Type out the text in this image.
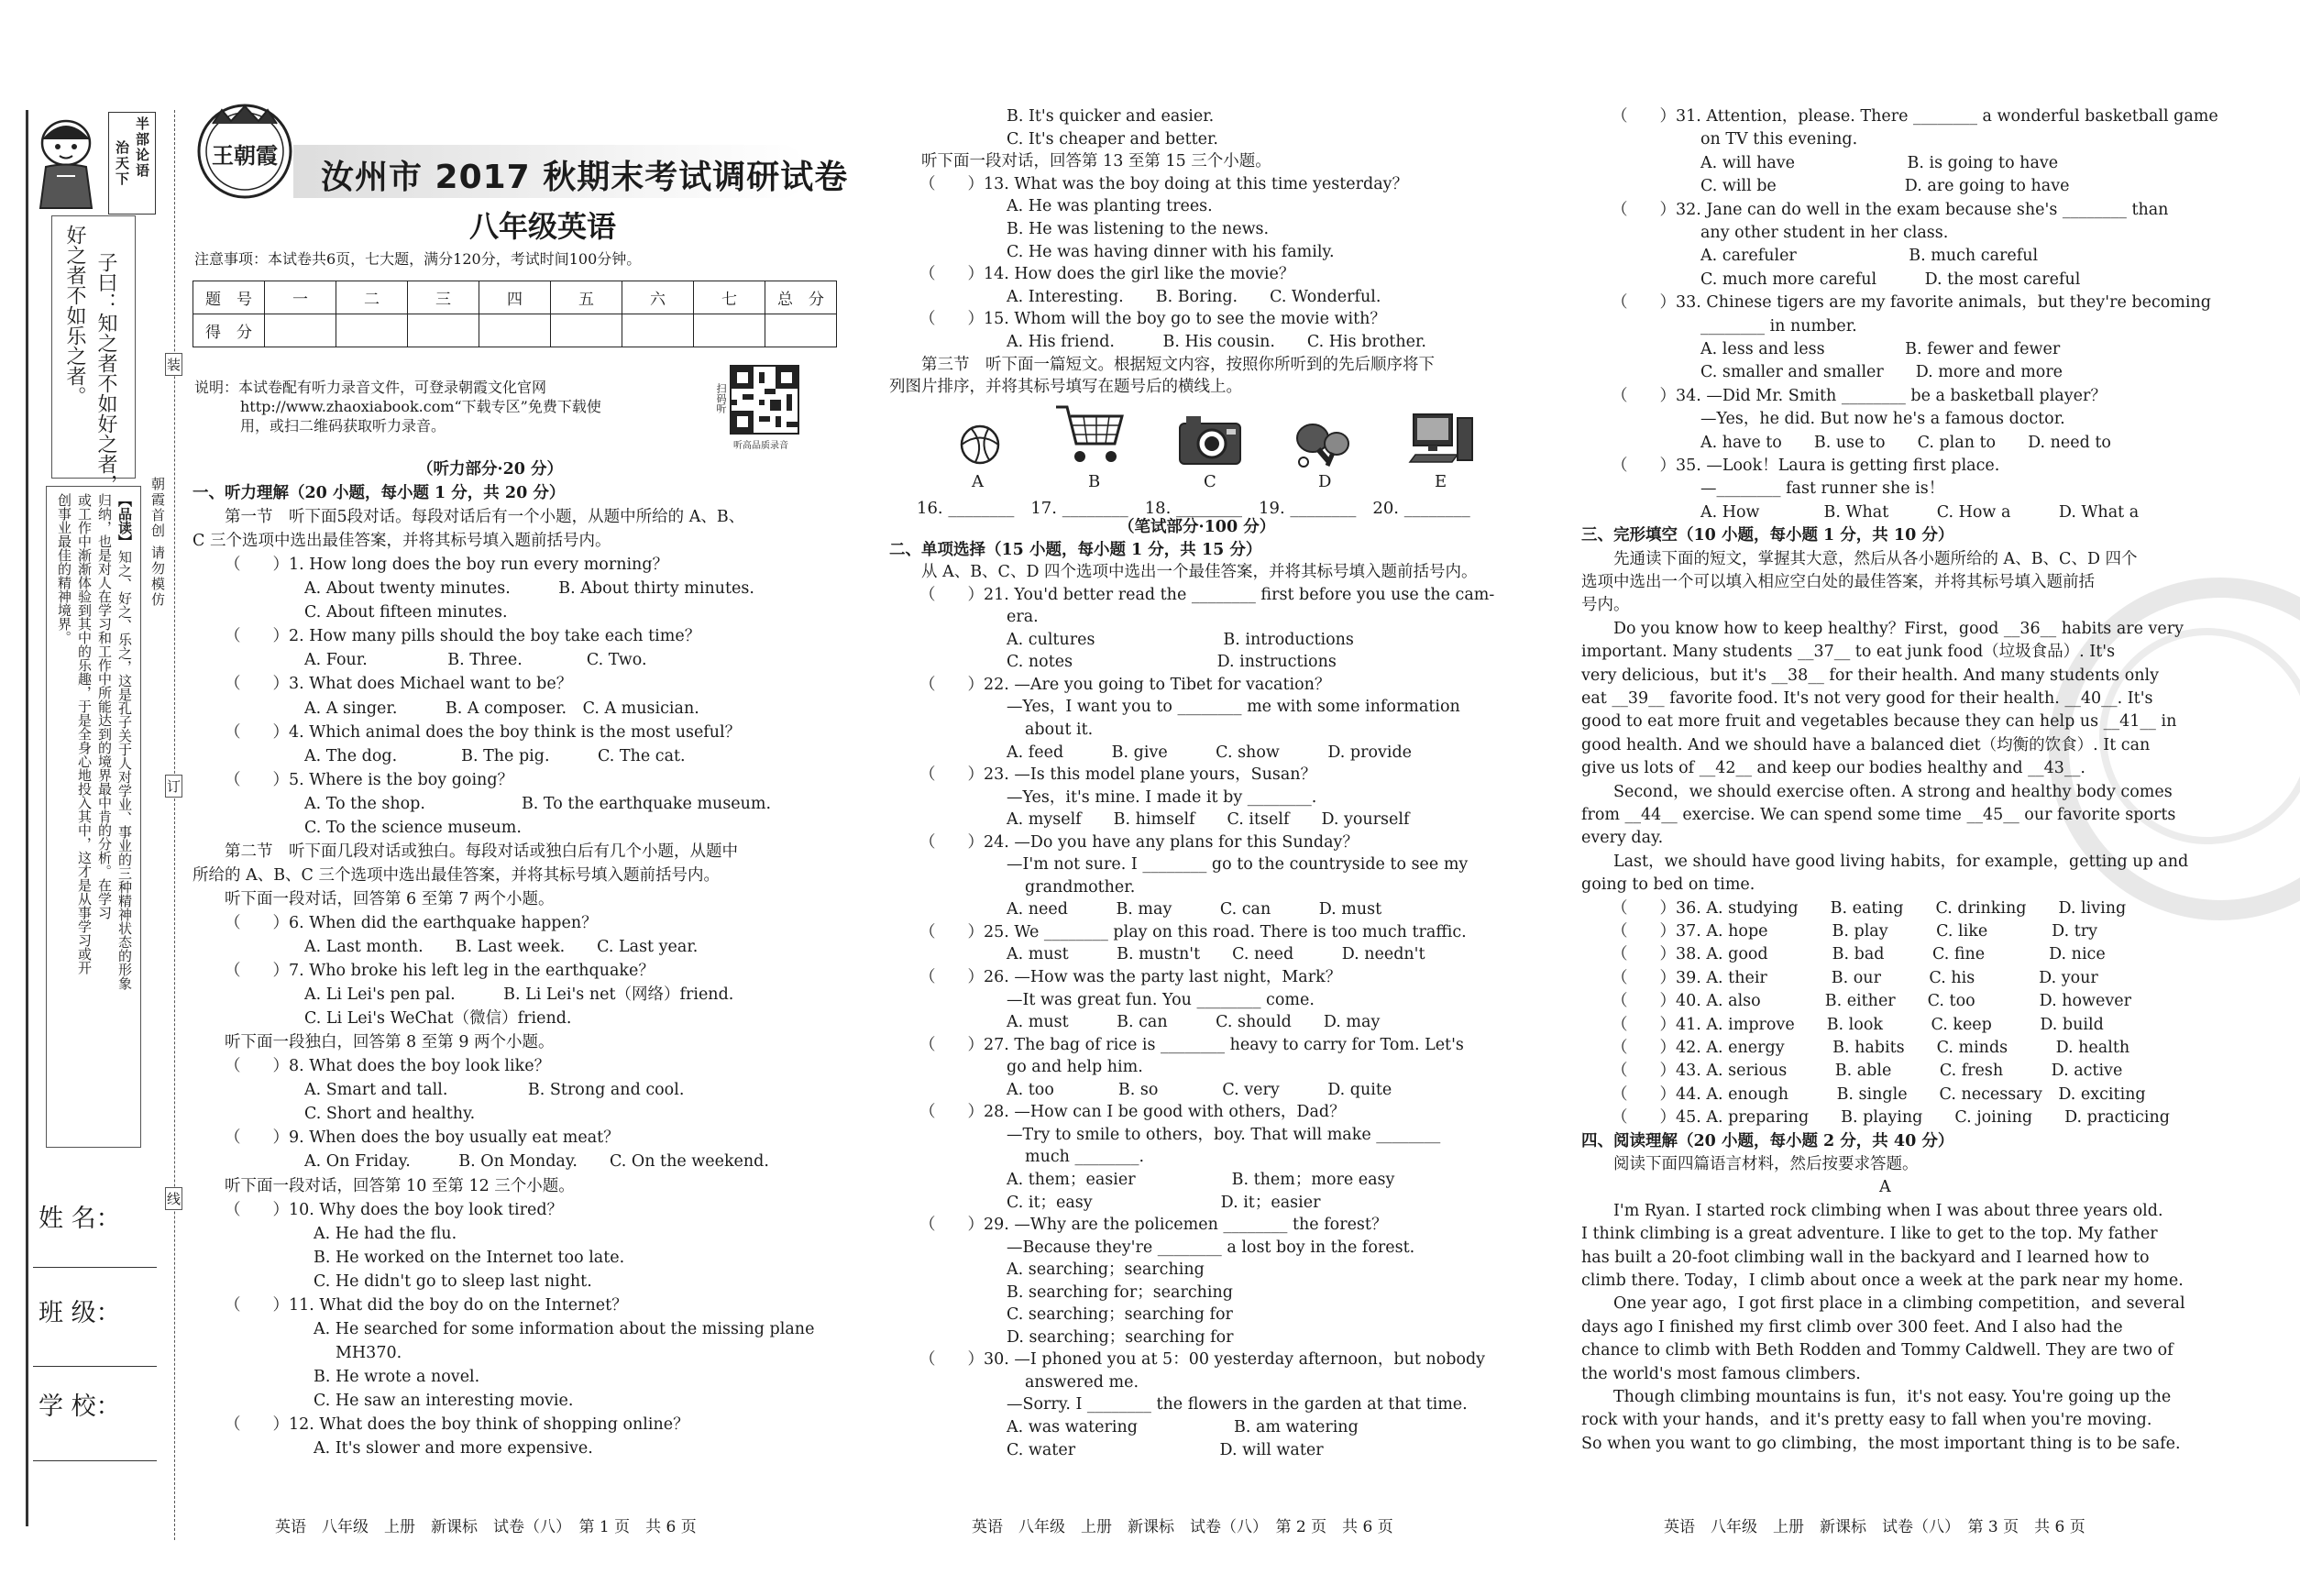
半部论语
治天下
子曰：知之者不如好之者，
好之者不如乐之者。
【品读】
知之、好之、乐之，这是孔子关于人对学业、事业的三种精神状态的形象
归纳，也是对人在学习和工作中所能达到的境界最中肯的分析。在学习
或工作中渐渐体验到其中的乐趣，于是全身心地投入其中，这才是从事学习或开
创事业最佳的精神境界。
姓 名：
班 级：
学 校：
装
订
线
朝霞首创 请勿模仿
王朝霞
汝州市 2017 秋期末考试调研试卷
八年级英语
注意事项：本试卷共6页，七大题，满分120分，考试时间100分钟。
题　号	一	二	三	四	五	六	七	总　分
得　分								
说明：本试卷配有听力录音文件，可登录朝霞文化官网
http://www.zhaoxiabook.com“下载专区”免费下载使
用，或扫二维码获取听力录音。
扫码听
听高品质录音
（听力部分·20 分）
一、听力理解（20 小题，每小题 1 分，共 20 分）
　　第一节　听下面5段对话。每段对话后有一个小题，从题中所给的 A、B、
C 三个选项中选出最佳答案，并将其标号填入题前括号内。
（　　）1. How long does the boy run every morning？
A. About twenty minutes.　　　B. About thirty minutes.
C. About fifteen minutes.
（　　）2. How many pills should the boy take each time？
A. Four.　　　　　B. Three.　　　　C. Two.
（　　）3. What does Michael want to be？
A. A singer.　　　B. A composer.　C. A musician.
（　　）4. Which animal does the boy think is the most useful？
A. The dog.　　　　B. The pig.　　　C. The cat.
（　　）5. Where is the boy going？
A. To the shop.　　　　　　B. To the earthquake museum.
C. To the science museum.
　　第二节　听下面几段对话或独白。每段对话或独白后有几个小题，从题中
所给的 A、B、C 三个选项中选出最佳答案，并将其标号填入题前括号内。
　　听下面一段对话，回答第 6 至第 7 两个小题。
（　　）6. When did the earthquake happen？
A. Last month.　　B. Last week.　　C. Last year.
（　　）7. Who broke his left leg in the earthquake？
A. Li Lei's pen pal.　　　B. Li Lei's net（网络）friend.
C. Li Lei's WeChat（微信）friend.
　　听下面一段独白，回答第 8 至第 9 两个小题。
（　　）8. What does the boy look like？
A. Smart and tall.　　　　　B. Strong and cool.
C. Short and healthy.
（　　）9. When does the boy usually eat meat？
A. On Friday.　　　B. On Monday.　　C. On the weekend.
　　听下面一段对话，回答第 10 至第 12 三个小题。
（　　）10. Why does the boy look tired？
A. He had the flu.
B. He worked on the Internet too late.
C. He didn't go to sleep last night.
（　　）11. What did the boy do on the Internet？
A. He searched for some information about the missing plane
MH370.
B. He wrote a novel.
C. He saw an interesting movie.
（　　）12. What does the boy think of shopping online？
A. It's slower and more expensive.
B. It's quicker and easier.
C. It's cheaper and better.
　　听下面一段对话，回答第 13 至第 15 三个小题。
（　　）13. What was the boy doing at this time yesterday？
A. He was planting trees.
B. He was listening to the news.
C. He was having dinner with his family.
（　　）14. How does the girl like the movie？
A. Interesting.　　B. Boring.　　C. Wonderful.
（　　）15. Whom will the boy go to see the movie with？
A. His friend.　　　B. His cousin.　　C. His brother.
　　第三节　听下面一篇短文。根据短文内容，按照你所听到的先后顺序将下
列图片排序，并将其标号填写在题号后的横线上。
A	B	C	D	E
16. ________　17. ________　18. ________　19. ________　20. ________
（笔试部分·100 分）
二、单项选择（15 小题，每小题 1 分，共 15 分）
　　从 A、B、C、D 四个选项中选出一个最佳答案，并将其标号填入题前括号内。
（　　）21. You'd better read the ________ first before you use the cam-
era.
A. cultures　　　　　　　　B. introductions
C. notes　　　　　　　　　D. instructions
（　　）22. —Are you going to Tibet for vacation？
—Yes，I want you to ________ me with some information
about it.
A. feed　　　B. give　　　C. show　　　D. provide
（　　）23. —Is this model plane yours，Susan？
—Yes，it's mine. I made it by ________.
A. myself　　B. himself　　C. itself　　D. yourself
（　　）24. —Do you have any plans for this Sunday？
—I'm not sure. I ________ go to the countryside to see my
grandmother.
A. need　　　B. may　　　C. can　　　D. must
（　　）25. We ________ play on this road. There is too much traffic.
A. must　　　B. mustn't　　C. need　　　D. needn't
（　　）26. —How was the party last night，Mark？
—It was great fun. You ________ come.
A. must　　　B. can　　　C. should　　D. may
（　　）27. The bag of rice is ________ heavy to carry for Tom. Let's
go and help him.
A. too　　　　B. so　　　　C. very　　　D. quite
（　　）28. —How can I be good with others，Dad？
—Try to smile to others，boy. That will make ________
much ________.
A. them；easier　　　　　　B. them；more easy
C. it；easy　　　　　　　　D. it；easier
（　　）29. —Why are the policemen ________ the forest？
—Because they're ________ a lost boy in the forest.
A. searching；searching
B. searching for；searching
C. searching；searching for
D. searching；searching for
（　　）30. —I phoned you at 5：00 yesterday afternoon，but nobody
answered me.
—Sorry. I ________ the flowers in the garden at that time.
A. was watering　　　　　　B. am watering
C. water　　　　　　　　　D. will water
（　　）31. Attention，please. There ________ a wonderful basketball game
on TV this evening.
A. will have　　　　　　　B. is going to have
C. will be　　　　　　　　D. are going to have
（　　）32. Jane can do well in the exam because she's ________ than
any other student in her class.
A. carefuler　　　　　　　B. much careful
C. much more careful　　　D. the most careful
（　　）33. Chinese tigers are my favorite animals，but they're becoming
________ in number.
A. less and less　　　　　B. fewer and fewer
C. smaller and smaller　　D. more and more
（　　）34. —Did Mr. Smith ________ be a basketball player？
—Yes，he did. But now he's a famous doctor.
A. have to　　B. use to　　C. plan to　　D. need to
（　　）35. —Look！Laura is getting first place.
—________ fast runner she is！
A. How　　　　B. What　　　C. How a　　　D. What a
三、完形填空（10 小题，每小题 1 分，共 10 分）
　　先通读下面的短文，掌握其大意，然后从各小题所给的 A、B、C、D 四个
选项中选出一个可以填入相应空白处的最佳答案，并将其标号填入题前括
号内。
　　Do you know how to keep healthy？First，good __36__ habits are very
important. Many students __37__ to eat junk food（垃圾食品）. It's
very delicious，but it's __38__ for their health. And many students only
eat __39__ favorite food. It's not very good for their health. __40__. It's
good to eat more fruit and vegetables because they can help us __41__ in
good health. And we should have a balanced diet（均衡的饮食）. It can
give us lots of __42__ and keep our bodies healthy and __43__.
　　Second，we should exercise often. A strong and healthy body comes
from __44__ exercise. We can spend some time __45__ our favorite sports
every day.
　　Last，we should have good living habits，for example，getting up and
going to bed on time.
（　　）36. A. studying　　B. eating　　C. drinking　　D. living
（　　）37. A. hope　　　　B. play　　　C. like　　　　D. try
（　　）38. A. good　　　　B. bad　　　C. fine　　　　D. nice
（　　）39. A. their　　　　B. our　　　C. his　　　　D. your
（　　）40. A. also　　　　B. either　　C. too　　　　D. however
（　　）41. A. improve　　B. look　　　C. keep　　　D. build
（　　）42. A. energy　　　B. habits　　C. minds　　　D. health
（　　）43. A. serious　　　B. able　　　C. fresh　　　D. active
（　　）44. A. enough　　　B. single　　C. necessary　D. exciting
（　　）45. A. preparing　　B. playing　　C. joining　　D. practicing
四、阅读理解（20 小题，每小题 2 分，共 40 分）
　　阅读下面四篇语言材料，然后按要求答题。
A
　　I'm Ryan. I started rock climbing when I was about three years old.
I think climbing is a great adventure. I like to get to the top. My father
has built a 20-foot climbing wall in the backyard and I learned how to
climb there. Today，I climb about once a week at the park near my home.
　　One year ago，I got first place in a climbing competition，and several
days ago I finished my first climb over 300 feet. And I also had the
chance to climb with Beth Rodden and Tommy Caldwell. They are two of
the world's most famous climbers.
　　Though climbing mountains is fun，it's not easy. You're going up the
rock with your hands，and it's pretty easy to fall when you're moving.
So when you want to go climbing，the most important thing is to be safe.
英语　八年级　上册　新课标　试卷（八）　第 1 页　共 6 页	英语　八年级　上册　新课标　试卷（八）　第 2 页　共 6 页	英语　八年级　上册　新课标　试卷（八）　第 3 页　共 6 页
